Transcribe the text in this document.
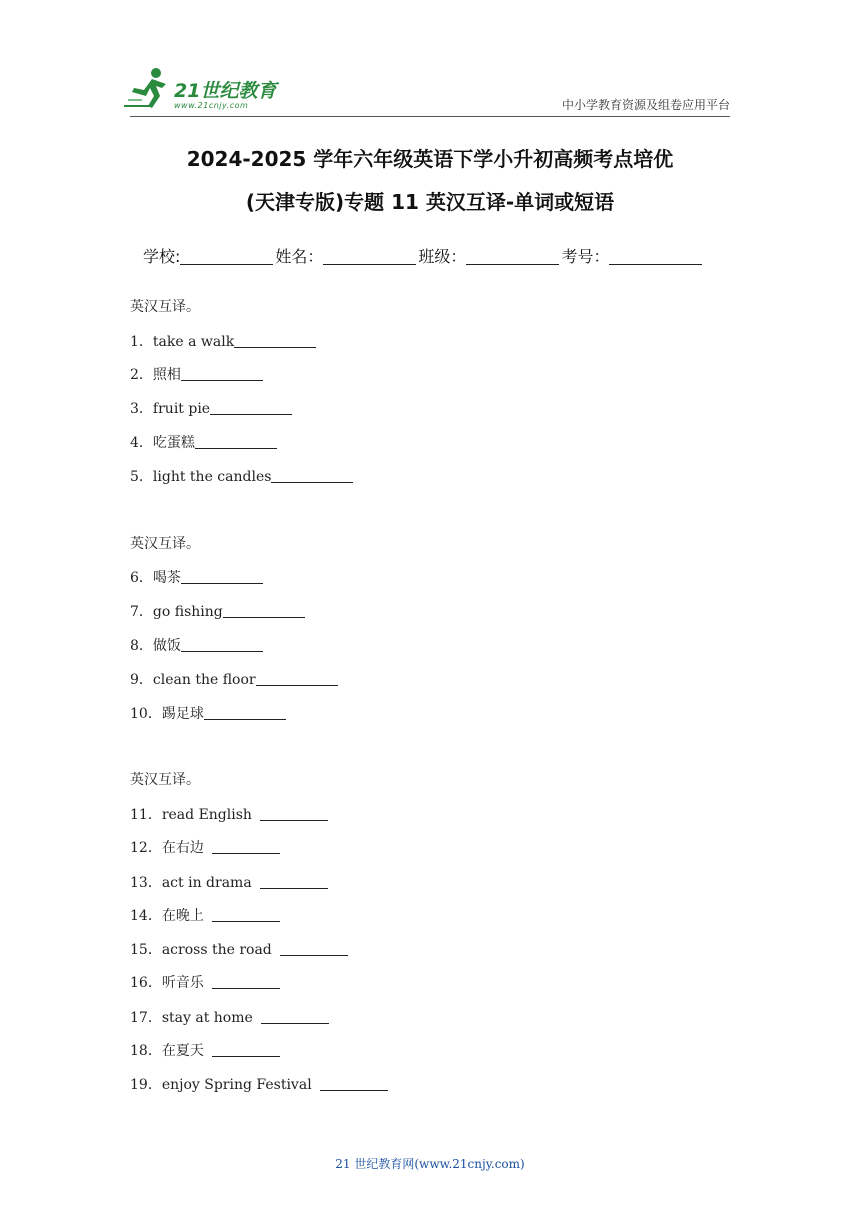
21世纪教育
www.21cnjy.com	中小学教育资源及组卷应用平台
2024-2025 学年六年级英语下学小升初高频考点培优
(天津专版)专题 11 英汉互译-单词或短语
学校:	姓名：	班级：	考号：
英汉互译。
1．take a walk
2．照相
3．fruit pie
4．吃蛋糕
5．light the candles
英汉互译。
6．喝茶
7．go fishing
8．做饭
9．clean the floor
10．踢足球
英汉互译。
11．read English
12．在右边
13．act in drama
14．在晚上
15．across the road
16．听音乐
17．stay at home
18．在夏天
19．enjoy Spring Festival
21 世纪教育网(www.21cnjy.com)
